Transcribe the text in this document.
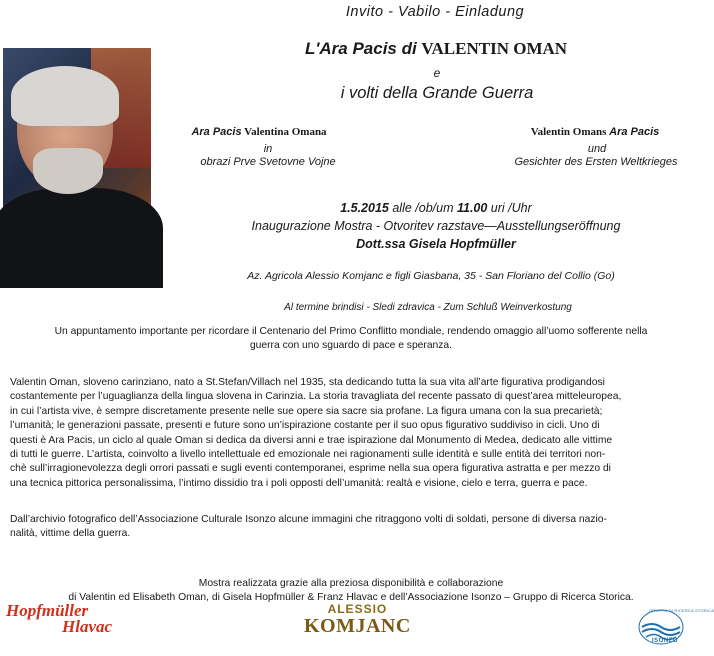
Invito - Vabilo - Einladung
L'Ara Pacis di VALENTIN OMAN
e
i volti della Grande Guerra
Ara Pacis Valentina Omana
in
obrazi Prve Svetovne Vojne
Valentin Omans Ara Pacis
und
Gesichter des Ersten Weltkrieges
1.5.2015 alle /ob/um 11.00 uri /Uhr
Inaugurazione Mostra - Otvoritev razstave—Ausstellungseröffnung
Dott.ssa Gisela Hopfmüller
Az. Agricola Alessio Komjanc e figli Giasbana, 35 - San Floriano del Collio (Go)
Al termine brindisi - Sledi zdravica - Zum Schluß Weinverkostung
Un appuntamento importante per ricordare il Centenario del Primo Conflitto mondiale, rendendo omaggio all’uomo sofferente nella
guerra con uno sguardo di pace e speranza.
Valentin Oman, sloveno carinziano, nato a St.Stefan/Villach nel 1935, sta dedicando tutta la sua vita all’arte figurativa prodigandosi
costantemente per l’uguaglianza della lingua slovena in Carinzia. La storia travagliata del recente passato di quest’area mitteleuropea,
in cui l’artista vive, è sempre discretamente presente nelle sue opere sia sacre sia profane. La figura umana con la sua precarietà;
l’umanità; le generazioni passate, presenti e future sono un’ispirazione costante per il suo opus figurativo suddiviso in cicli. Uno di
questi è Ara Pacis, un ciclo al quale Oman si dedica da diversi anni e trae ispirazione dal Monumento di Medea, dedicato alle vittime
di tutti le guerre. L’artista, coinvolto a livello intellettuale ed emozionale nei ragionamenti sulle identità e sulle entità dei territori non-
chè sull’irragionevolezza degli orrori passati e sugli eventi contemporanei, esprime nella sua opera figurativa astratta e per mezzo di
una tecnica pittorica personalissima, l’intimo dissidio tra i poli opposti dell’umanità: realtà e visione, cielo e terra, guerra e pace.
Dall’archivio fotografico dell’Associazione Culturale Isonzo alcune immagini che ritraggono volti di soldati, persone di diversa nazio-
nalità, vittime della guerra.
Mostra realizzata grazie alla preziosa disponibilità e collaborazione
di Valentin ed Elisabeth Oman, di Gisela Hopfmüller & Franz Hlavac e dell’Associazione Isonzo – Gruppo di Ricerca Storica.
Hopfmüller
Hlavac
ALESSIO
KOMJANC
GRUPPO DI RICERCA STORICA
ISONZO
